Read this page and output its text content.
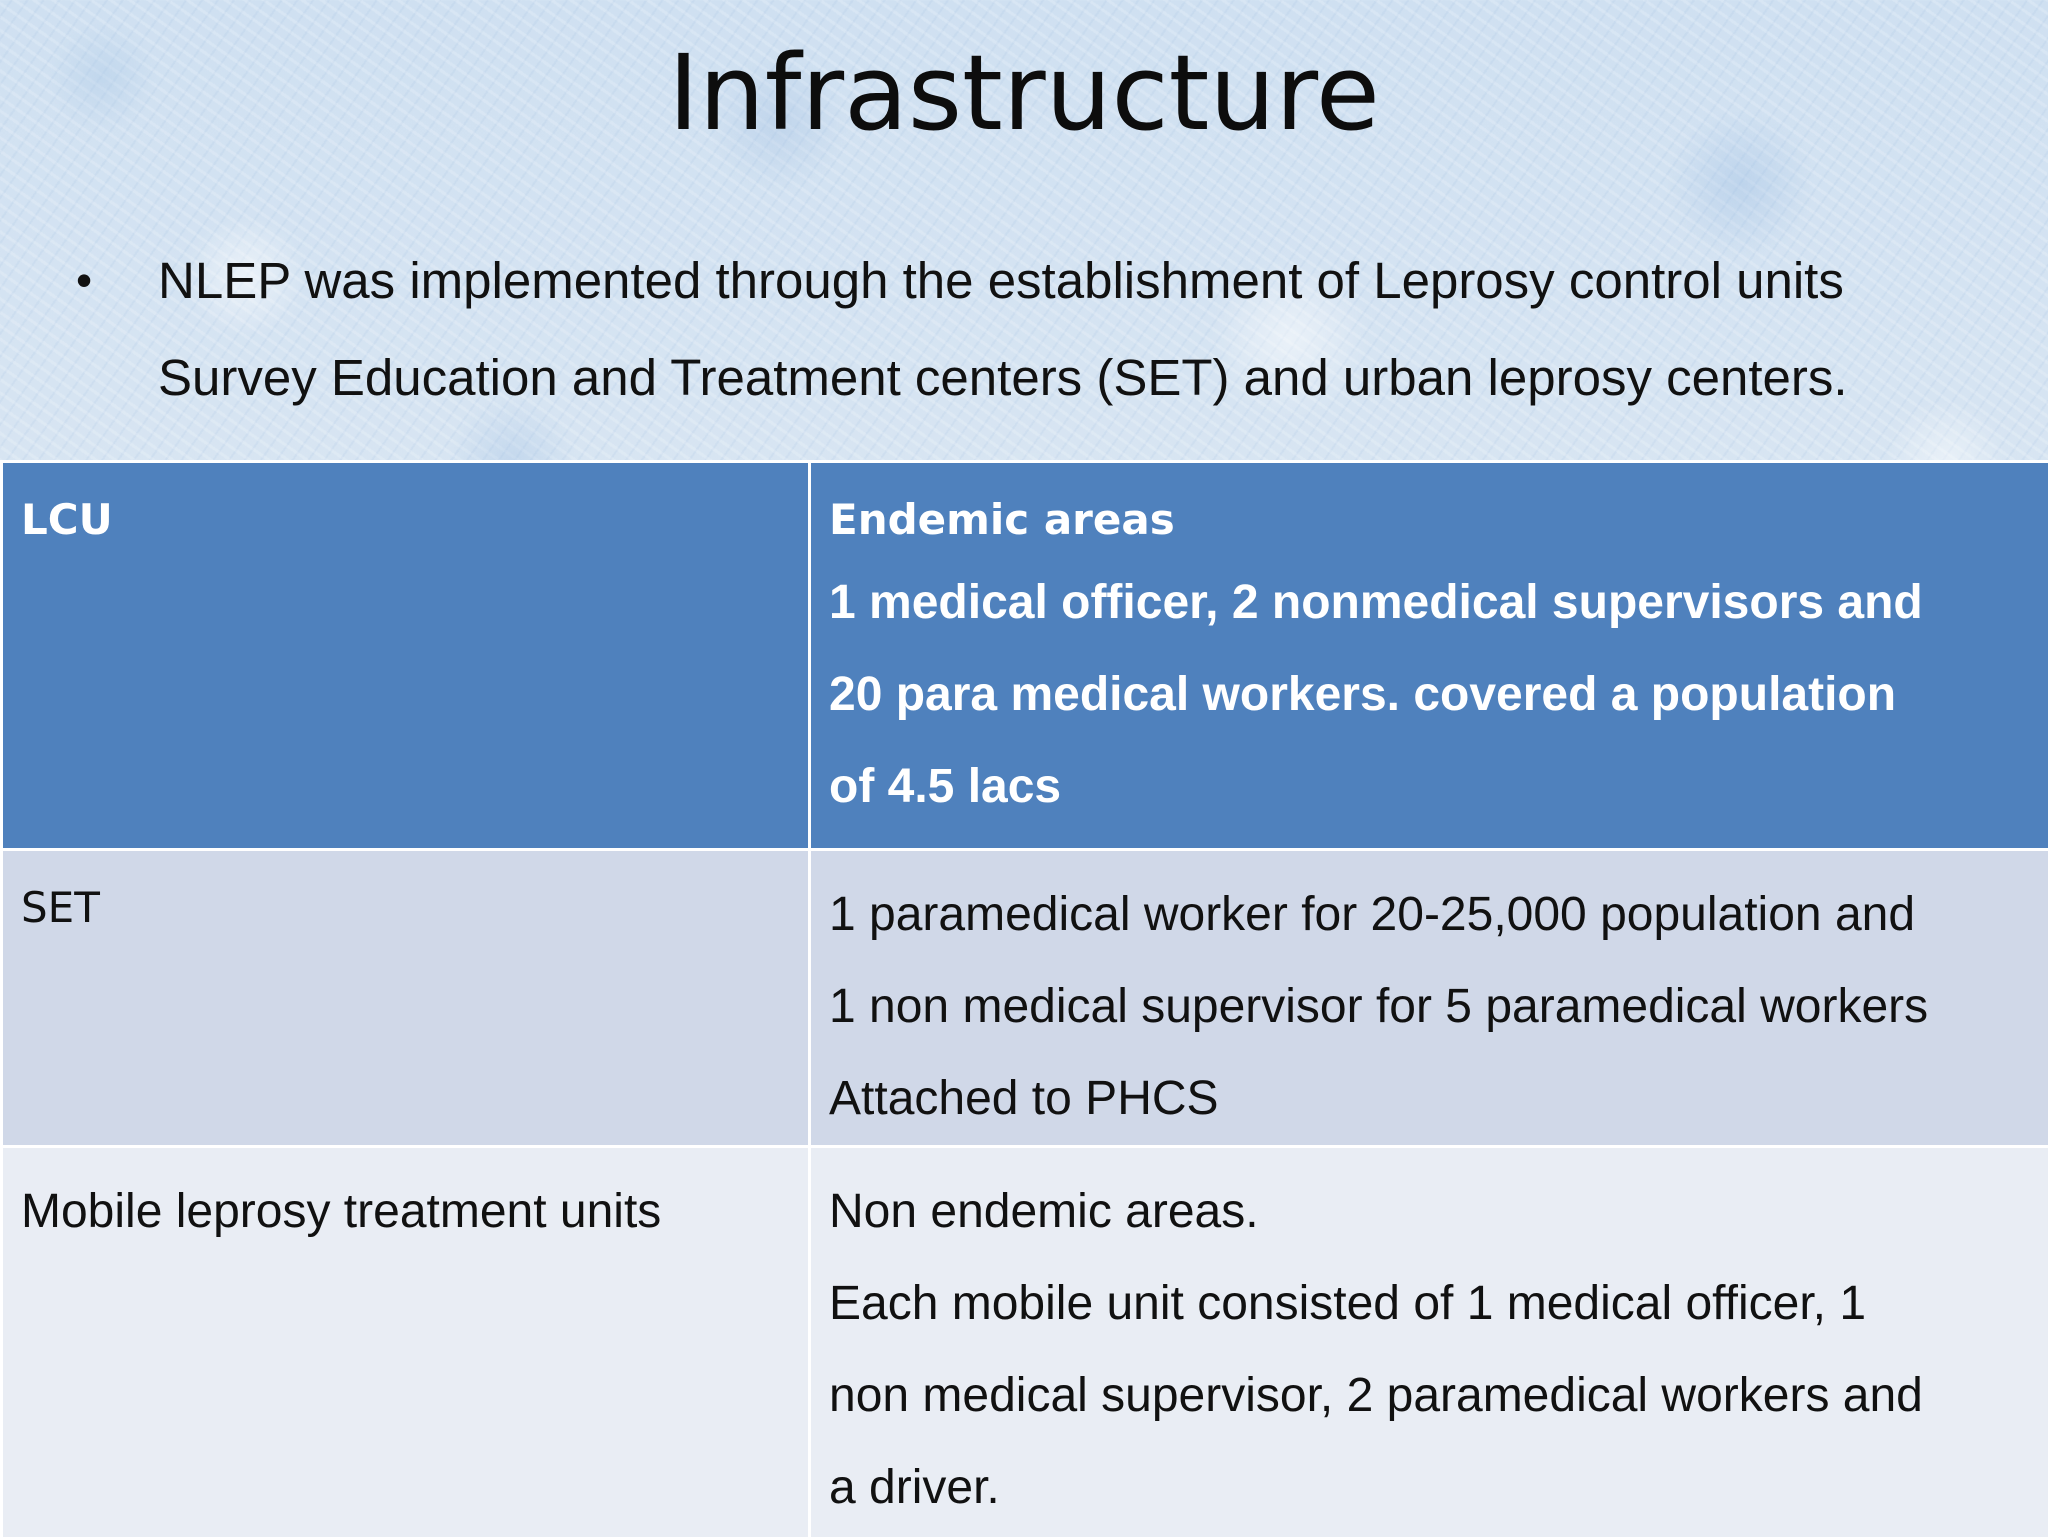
Infrastructure
•	NLEP was implemented through the establishment of Leprosy control units
Survey Education and Treatment centers (SET) and urban leprosy centers.
LCU	Endemic areas
1 medical officer, 2 nonmedical supervisors and
20 para medical workers. covered a population
of 4.5 lacs

SET	1 paramedical worker for 20-25,000 population and
1 non medical supervisor for 5 paramedical workers
Attached to PHCS

Mobile leprosy treatment units	Non endemic areas.
Each mobile unit consisted of 1 medical officer, 1
non medical supervisor, 2 paramedical workers and
a driver.
